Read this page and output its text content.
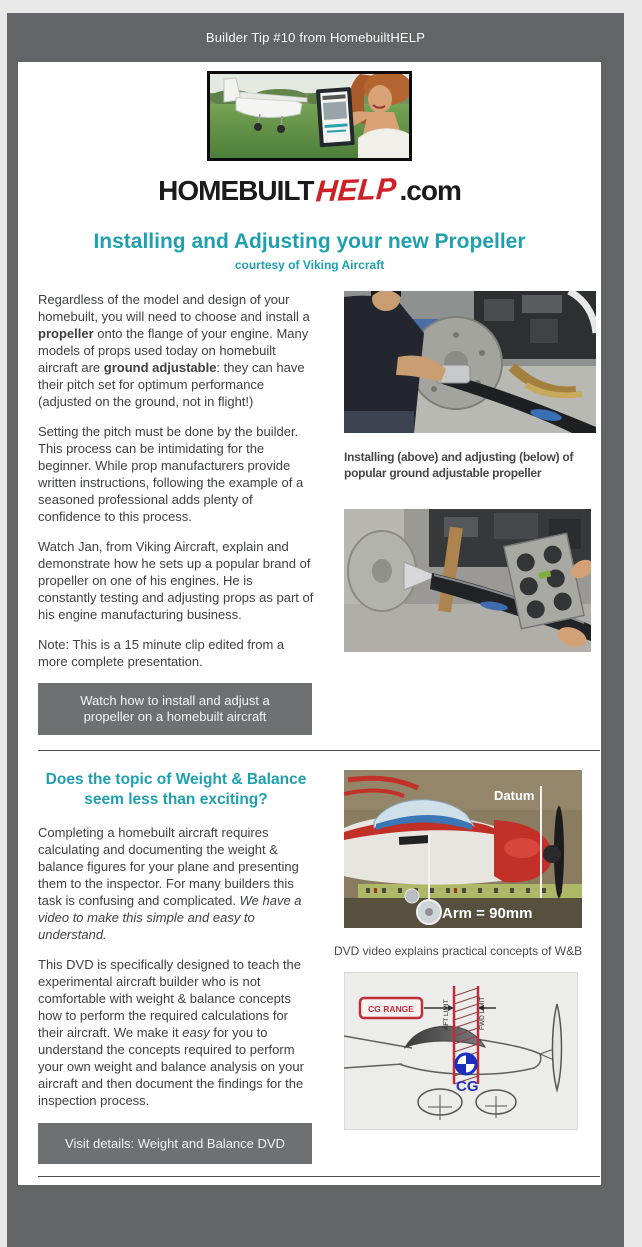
Builder Tip #10 from HomebuiltHELP
HOMEBUILTHELP.com
Installing and Adjusting your new Propeller
courtesy of Viking Aircraft

Regardless of the model and design of your homebuilt, you will need to choose and install a propeller onto the flange of your engine. Many models of props used today on homebuilt aircraft are ground adjustable: they can have their pitch set for optimum performance (adjusted on the ground, not in flight!)

Setting the pitch must be done by the builder. This process can be intimidating for the beginner. While prop manufacturers provide written instructions, following the example of a seasoned professional adds plenty of confidence to this process.

Watch Jan, from Viking Aircraft, explain and demonstrate how he sets up a popular brand of propeller on one of his engines. He is constantly testing and adjusting props as part of his engine manufacturing business.

Note: This is a 15 minute clip edited from a more complete presentation.

Watch how to install and adjust a propeller on a homebuilt aircraft
Installing (above) and adjusting (below) of popular ground adjustable propeller
Does the topic of Weight & Balance
seem less than exciting?

Completing a homebuilt aircraft requires calculating and documenting the weight & balance figures for your plane and presenting them to the inspector. For many builders this task is confusing and complicated. We have a video to make this simple and easy to understand.

This DVD is specifically designed to teach the experimental aircraft builder who is not comfortable with weight & balance concepts how to perform the required calculations for their aircraft. We make it easy for you to understand the concepts required to perform your own weight and balance analysis on your aircraft and then document the findings for the inspection process.

Visit details: Weight and Balance DVD
Datum
Arm = 90mm
DVD video explains practical concepts of W&B
CG RANGE	AFT LIMIT	FWD LIMIT
CG
